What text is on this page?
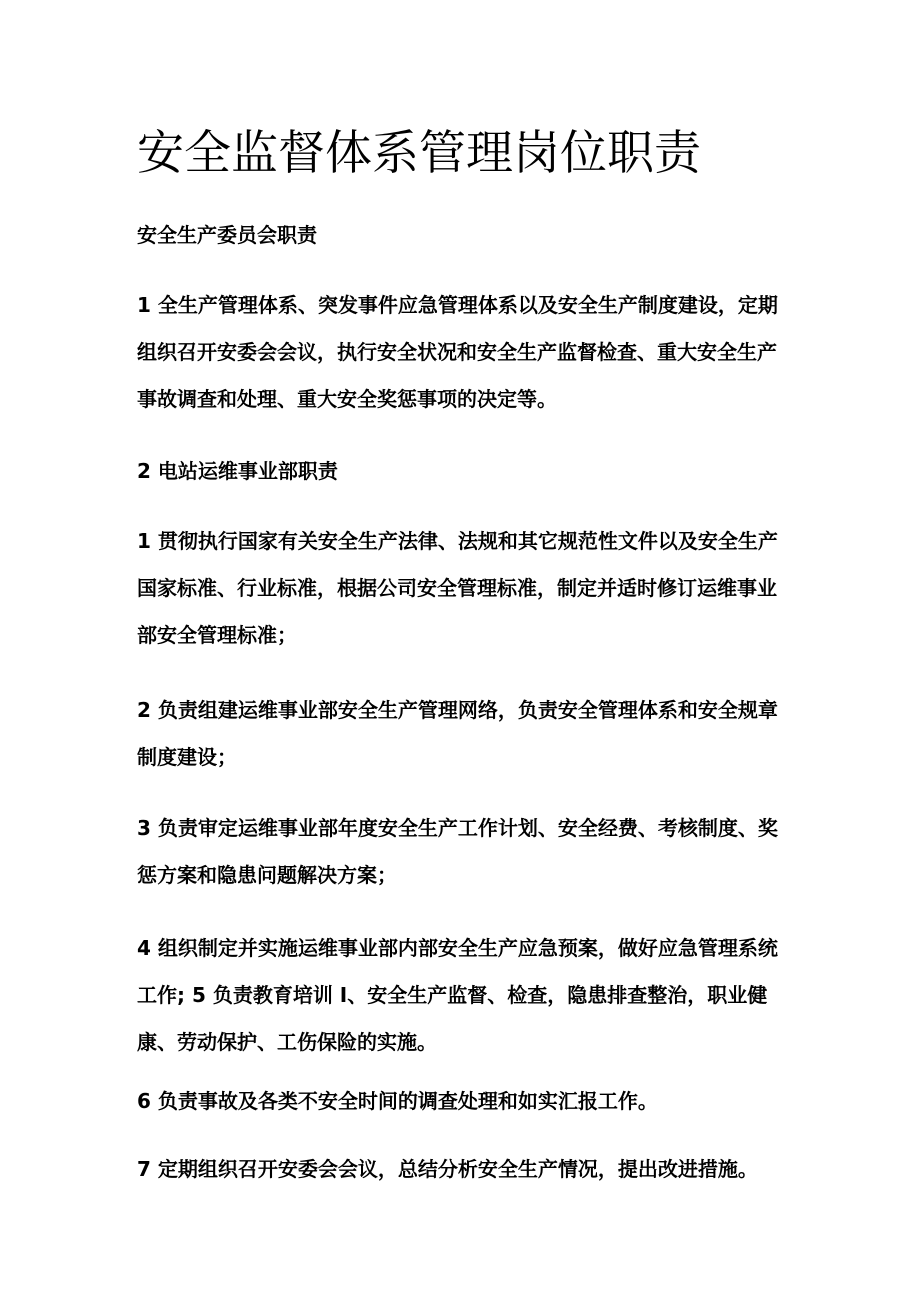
安全监督体系管理岗位职责

安全生产委员会职责

1 全生产管理体系、突发事件应急管理体系以及安全生产制度建设，定期组织召开安委会会议，执行安全状况和安全生产监督检查、重大安全生产事故调查和处理、重大安全奖惩事项的决定等。

2 电站运维事业部职责

1 贯彻执行国家有关安全生产法律、法规和其它规范性文件以及安全生产国家标准、行业标准，根据公司安全管理标准，制定并适时修订运维事业部安全管理标准；

2 负责组建运维事业部安全生产管理网络，负责安全管理体系和安全规章制度建设；

3 负责审定运维事业部年度安全生产工作计划、安全经费、考核制度、奖惩方案和隐患问题解决方案；

4 组织制定并实施运维事业部内部安全生产应急预案，做好应急管理系统工作; 5 负责教育培训 I、安全生产监督、检查，隐患排查整治，职业健康、劳动保护、工伤保险的实施。

6 负责事故及各类不安全时间的调查处理和如实汇报工作。

7 定期组织召开安委会会议，总结分析安全生产情况，提出改进措施。
